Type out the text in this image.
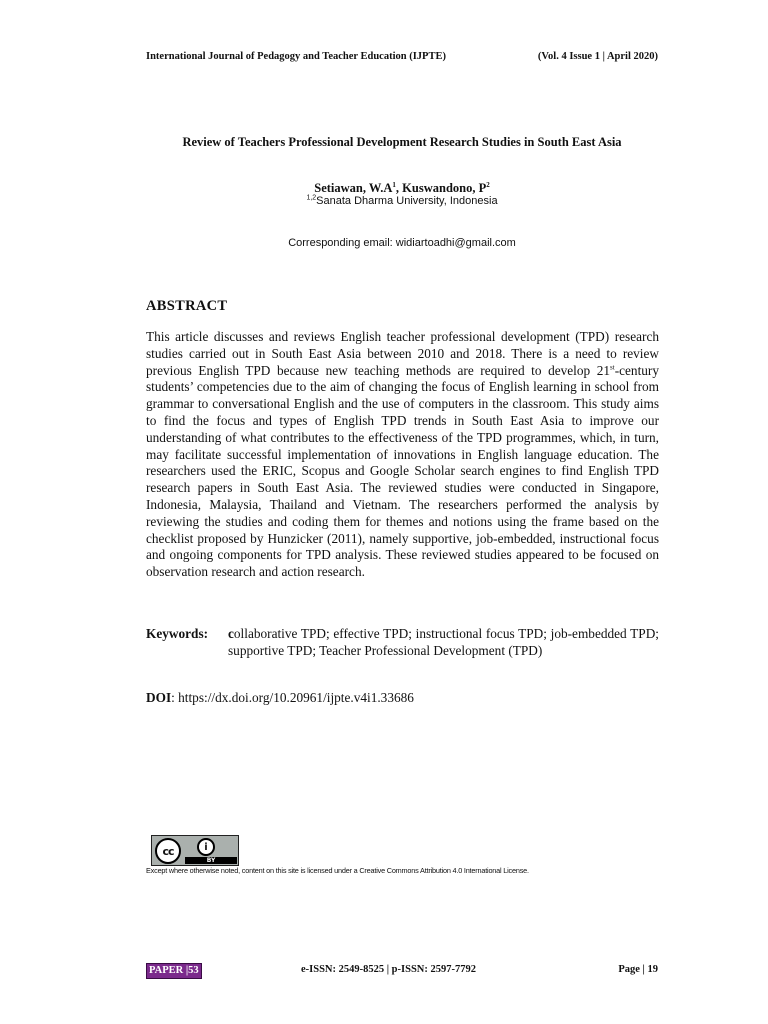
International Journal of Pedagogy and Teacher Education (IJPTE)	(Vol. 4 Issue 1 | April 2020)
Review of Teachers Professional Development Research Studies in South East Asia
Setiawan, $W.A^1$, Kuswandono, $P^2$
$^{1,2}$Sanata Dharma University, Indonesia
Corresponding email: widiartoadhi@gmail.com
ABSTRACT
This article discusses and reviews English teacher professional development (TPD) research studies carried out in South East Asia between 2010 and 2018. There is a need to review previous English TPD because new teaching methods are required to develop 21st-century students’ competencies due to the aim of changing the focus of English learning in school from grammar to conversational English and the use of computers in the classroom. This study aims to find the focus and types of English TPD trends in South East Asia to improve our understanding of what contributes to the effectiveness of the TPD programmes, which, in turn, may facilitate successful implementation of innovations in English language education. The researchers used the ERIC, Scopus and Google Scholar search engines to find English TPD research papers in South East Asia. The reviewed studies were conducted in Singapore, Indonesia, Malaysia, Thailand and Vietnam. The researchers performed the analysis by reviewing the studies and coding them for themes and notions using the frame based on the checklist proposed by Hunzicker (2011), namely supportive, job-embedded, instructional focus and ongoing components for TPD analysis. These reviewed studies appeared to be focused on observation research and action research.
Keywords:	collaborative TPD; effective TPD; instructional focus TPD; job-embedded TPD; supportive TPD; Teacher Professional Development (TPD)
DOI: https://dx.doi.org/10.20961/ijpte.v4i1.33686
cc	i
BY
Except where otherwise noted, content on this site is licensed under a Creative Commons Attribution 4.0 International License.
PAPER |53	e-ISSN: 2549-8525 | p-ISSN: 2597-7792	Page | 19
